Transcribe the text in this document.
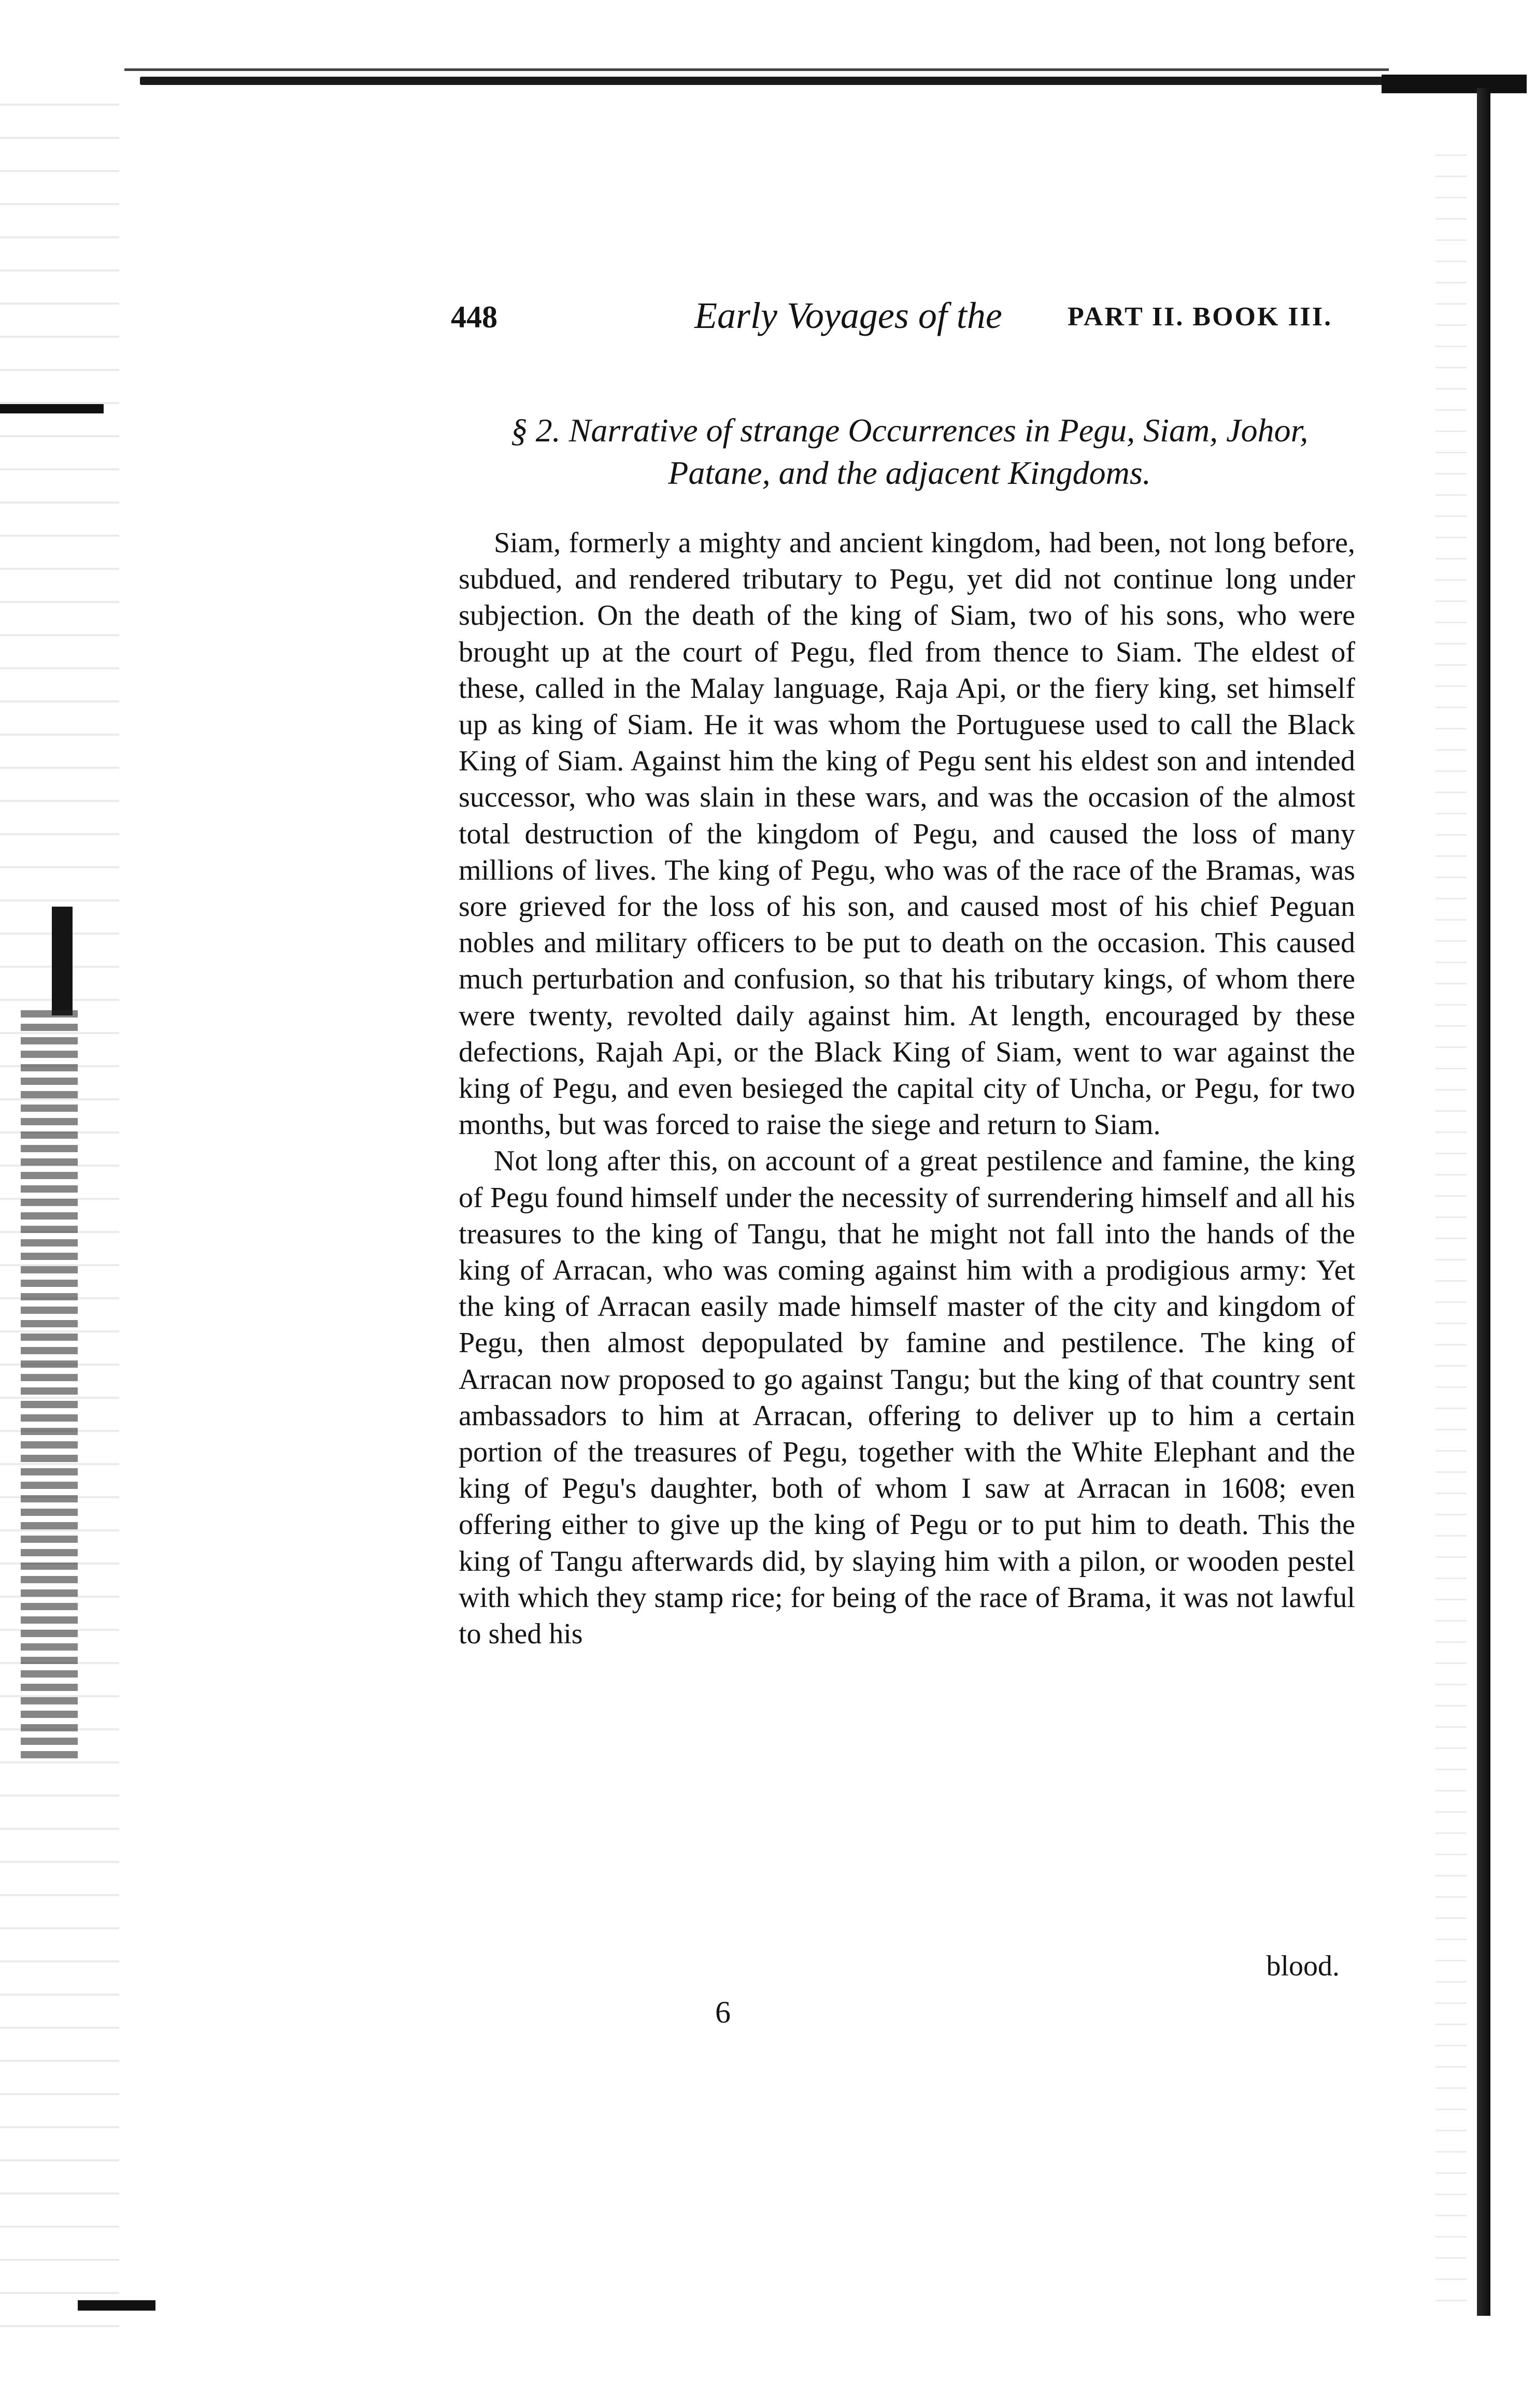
448	Early Voyages of the PART II. BOOK III.
§ 2. Narrative of strange Occurrences in Pegu, Siam, Johor,
Patane, and the adjacent Kingdoms.

Siam, formerly a mighty and ancient kingdom, had been, not long before, subdued, and rendered tributary to Pegu, yet did not continue long under subjection. On the death of the king of Siam, two of his sons, who were brought up at the court of Pegu, fled from thence to Siam. The eldest of these, called in the Malay language, Raja Api, or the fiery king, set himself up as king of Siam. He it was whom the Portuguese used to call the Black King of Siam. Against him the king of Pegu sent his eldest son and intended successor, who was slain in these wars, and was the occasion of the almost total destruction of the kingdom of Pegu, and caused the loss of many millions of lives. The king of Pegu, who was of the race of the Bramas, was sore grieved for the loss of his son, and caused most of his chief Peguan nobles and military officers to be put to death on the occasion. This caused much perturbation and confusion, so that his tributary kings, of whom there were twenty, revolted daily against him. At length, encouraged by these defections, Rajah Api, or the Black King of Siam, went to war against the king of Pegu, and even besieged the capital city of Uncha, or Pegu, for two months, but was forced to raise the siege and return to Siam.

Not long after this, on account of a great pestilence and famine, the king of Pegu found himself under the necessity of surrendering himself and all his treasures to the king of Tangu, that he might not fall into the hands of the king of Arracan, who was coming against him with a prodigious army: Yet the king of Arracan easily made himself master of the city and kingdom of Pegu, then almost depopulated by famine and pestilence. The king of Arracan now proposed to go against Tangu; but the king of that country sent ambassadors to him at Arracan, offering to deliver up to him a certain portion of the treasures of Pegu, together with the White Elephant and the king of Pegu's daughter, both of whom I saw at Arracan in 1608; even offering either to give up the king of Pegu or to put him to death. This the king of Tangu afterwards did, by slaying him with a pilon, or wooden pestel with which they stamp rice; for being of the race of Brama, it was not lawful to shed his

blood.
6
